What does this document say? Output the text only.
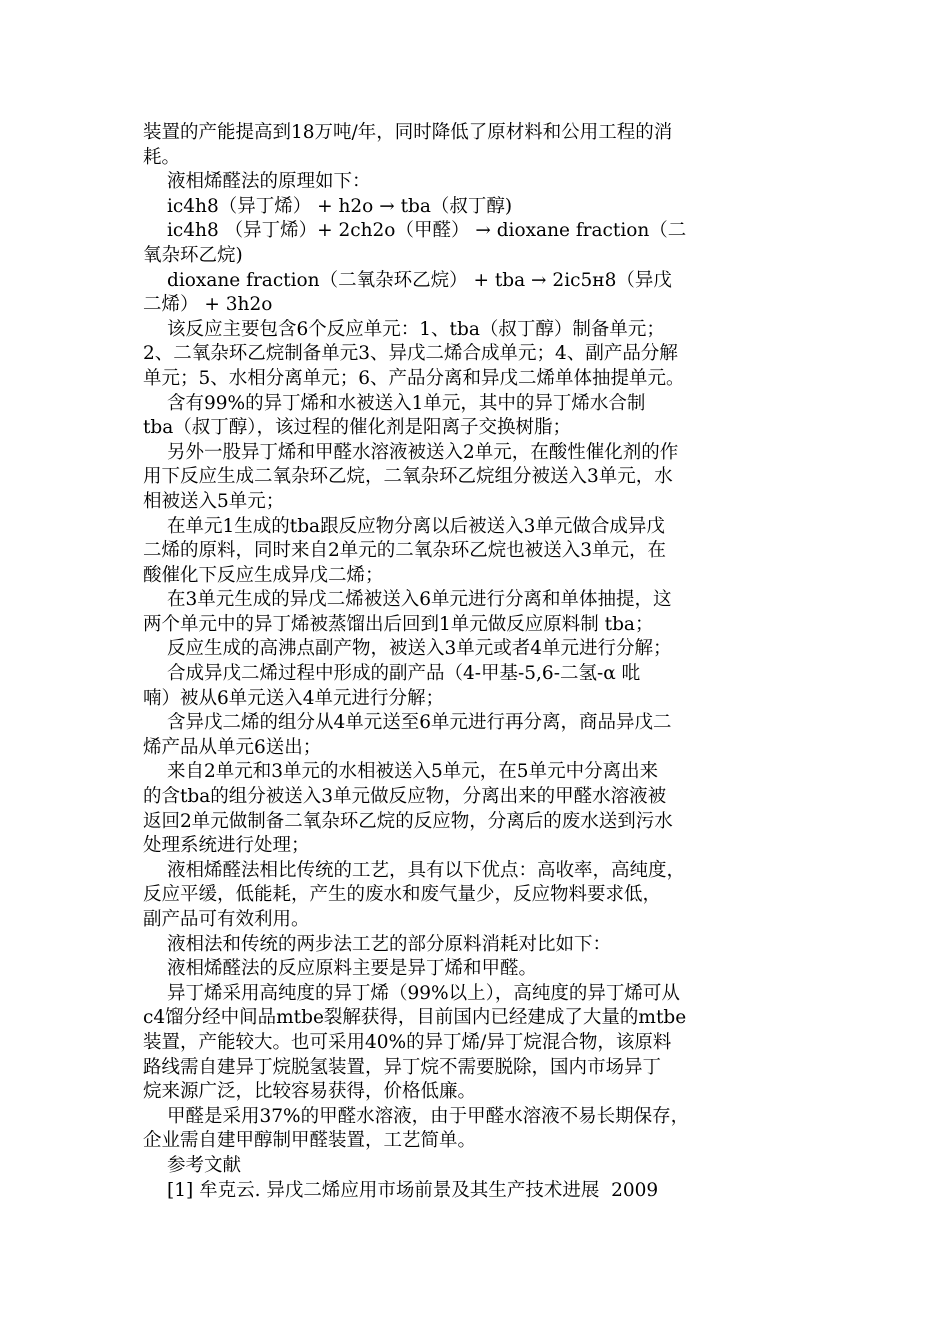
装置的产能提高到18万吨/年，同时降低了原材料和公用工程的消
耗。
液相烯醛法的原理如下：
ic4h8（异丁烯） + h2o → tba（叔丁醇)
ic4h8 （异丁烯）+ 2ch2o（甲醛） → dioxane fraction（二
氧杂环乙烷)
dioxane fraction（二氧杂环乙烷） + tba → 2ic5ʜ8（异戊
二烯） + 3h2o
该反应主要包含6个反应单元：1、tba（叔丁醇）制备单元；
2、二氧杂环乙烷制备单元3、异戊二烯合成单元；4、副产品分解
单元；5、水相分离单元；6、产品分离和异戊二烯单体抽提单元。
含有99%的异丁烯和水被送入1单元，其中的异丁烯水合制
tba（叔丁醇），该过程的催化剂是阳离子交换树脂；
另外一股异丁烯和甲醛水溶液被送入2单元，在酸性催化剂的作
用下反应生成二氧杂环乙烷，二氧杂环乙烷组分被送入3单元，水
相被送入5单元；
在单元1生成的tba跟反应物分离以后被送入3单元做合成异戊
二烯的原料，同时来自2单元的二氧杂环乙烷也被送入3单元，在
酸催化下反应生成异戊二烯；
在3单元生成的异戊二烯被送入6单元进行分离和单体抽提，这
两个单元中的异丁烯被蒸馏出后回到1单元做反应原料制 tba；
反应生成的高沸点副产物，被送入3单元或者4单元进行分解；
合成异戊二烯过程中形成的副产品（4-甲基-5,6-二氢-α 吡
喃）被从6单元送入4单元进行分解；
含异戊二烯的组分从4单元送至6单元进行再分离，商品异戊二
烯产品从单元6送出；
来自2单元和3单元的水相被送入5单元，在5单元中分离出来
的含tba的组分被送入3单元做反应物，分离出来的甲醛水溶液被
返回2单元做制备二氧杂环乙烷的反应物，分离后的废水送到污水
处理系统进行处理；
液相烯醛法相比传统的工艺，具有以下优点：高收率，高纯度，
反应平缓，低能耗，产生的废水和废气量少，反应物料要求低，
副产品可有效利用。
液相法和传统的两步法工艺的部分原料消耗对比如下：
液相烯醛法的反应原料主要是异丁烯和甲醛。
异丁烯采用高纯度的异丁烯（99%以上），高纯度的异丁烯可从
c4馏分经中间品mtbe裂解获得，目前国内已经建成了大量的mtbe
装置，产能较大。也可采用40%的异丁烯/异丁烷混合物，该原料
路线需自建异丁烷脱氢装置，异丁烷不需要脱除，国内市场异丁
烷来源广泛，比较容易获得，价格低廉。
甲醛是采用37%的甲醛水溶液，由于甲醛水溶液不易长期保存，
企业需自建甲醇制甲醛装置，工艺简单。
参考文献
[1] 牟克云. 异戊二烯应用市场前景及其生产技术进展  2009
